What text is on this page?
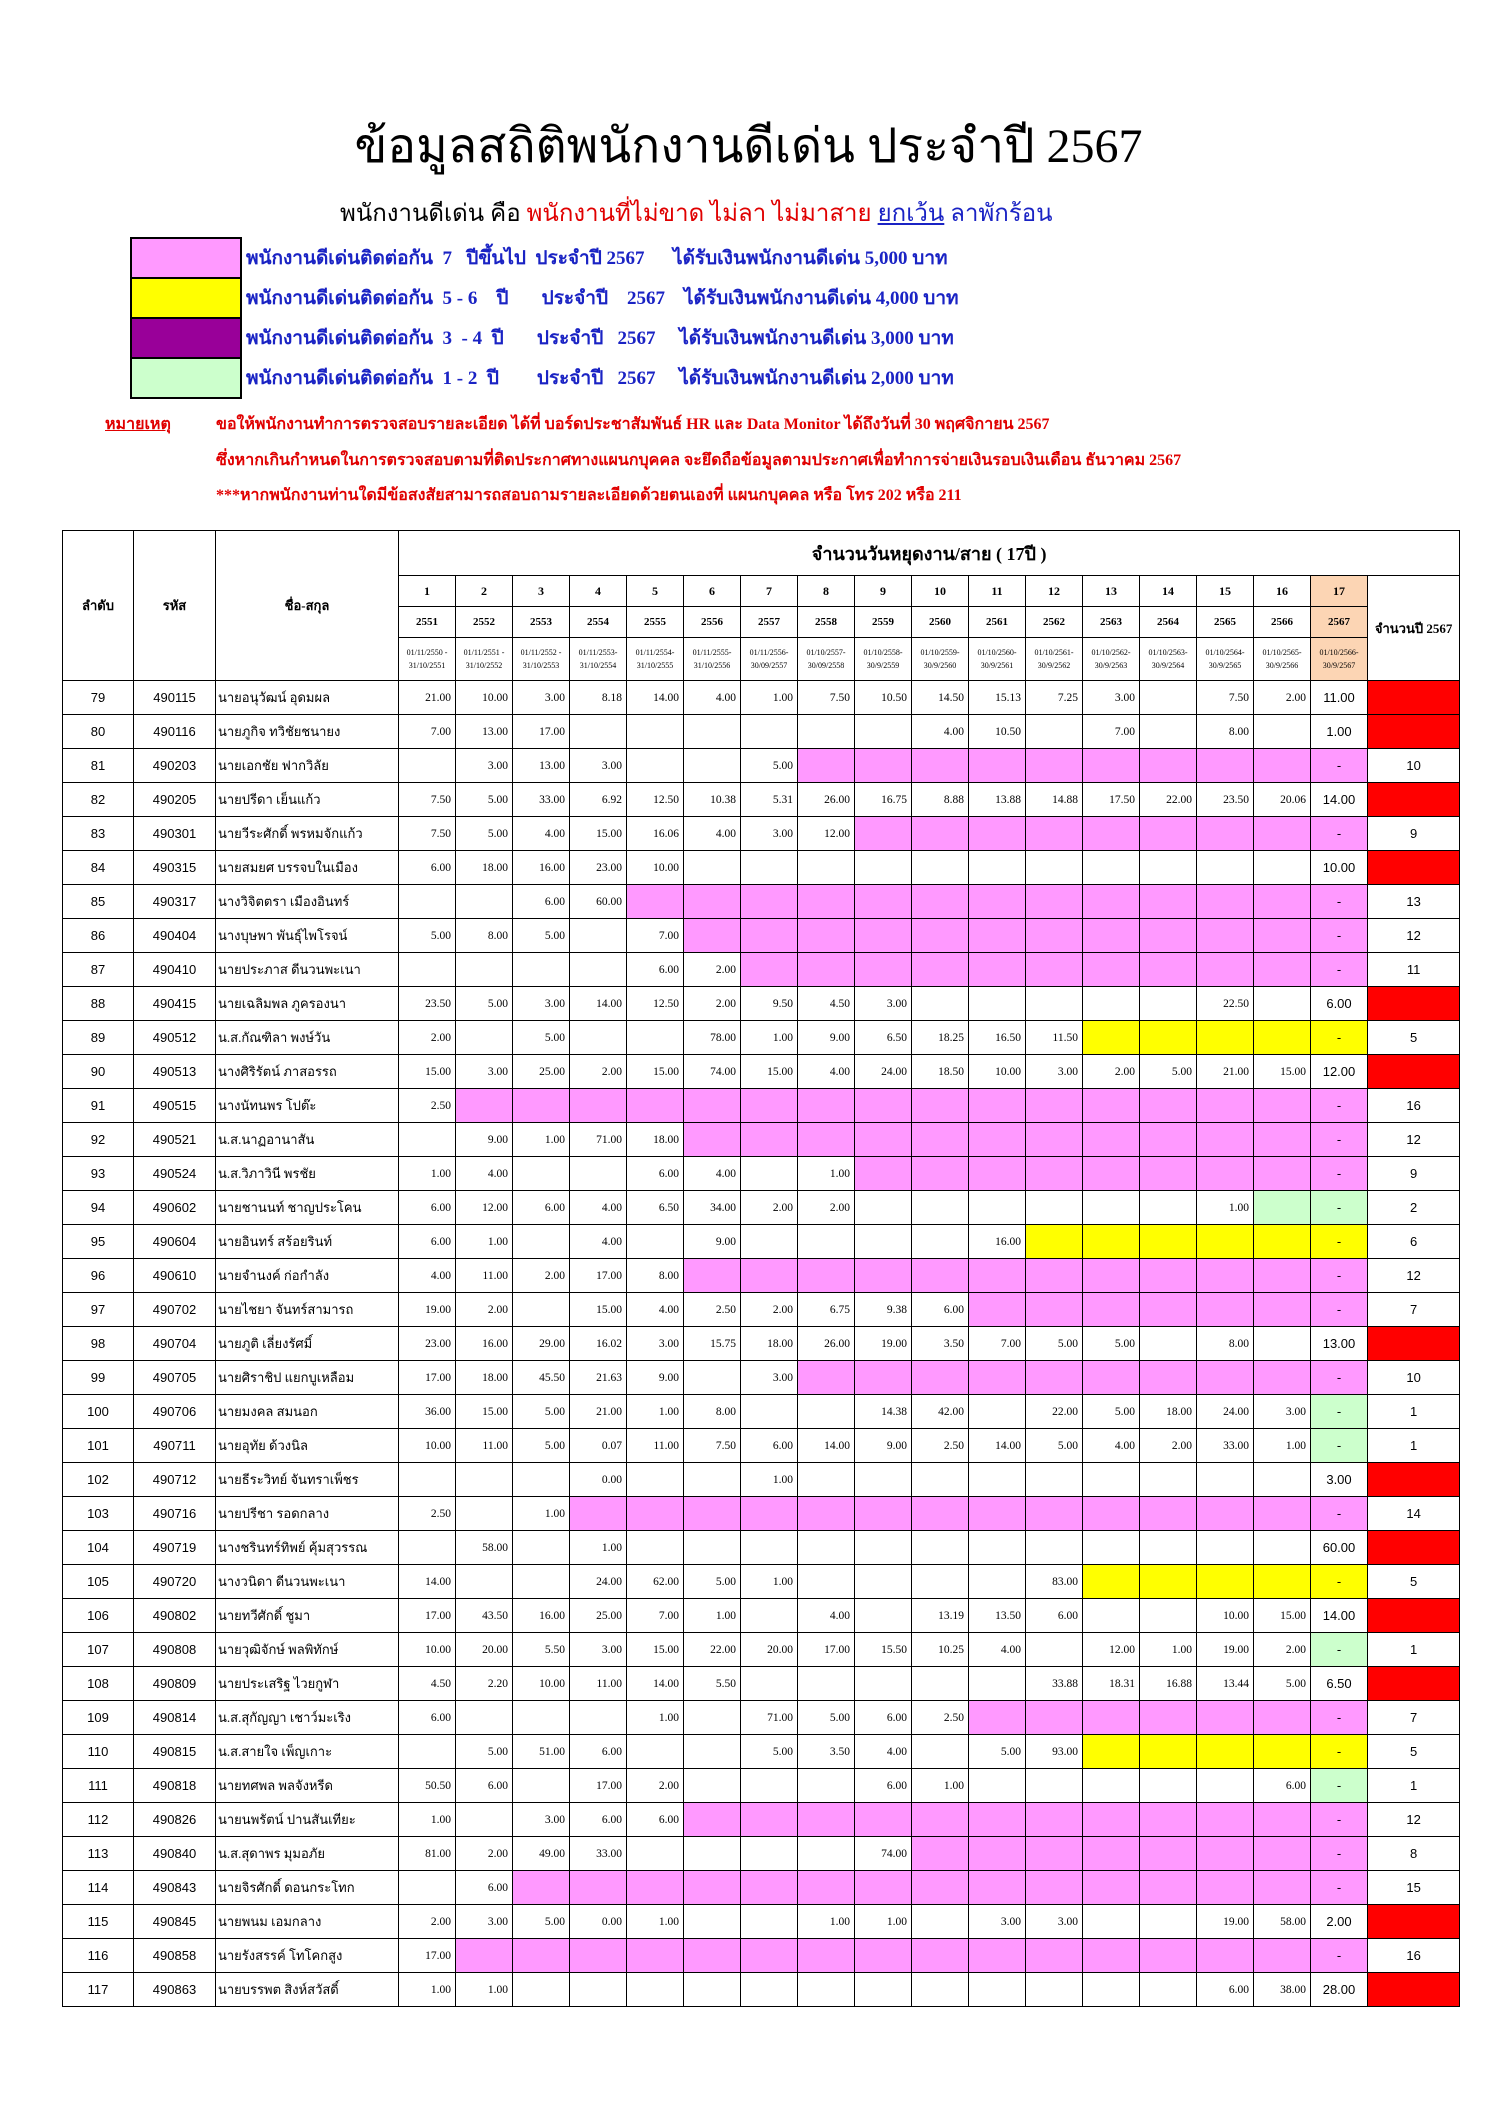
ข้อมูลสถิติพนักงานดีเด่น ประจำปี 2567
พนักงานดีเด่น คือ พนักงานที่ไม่ขาด ไม่ลา ไม่มาสาย ยกเว้น ลาพักร้อน
	พนักงานดีเด่นติดต่อกัน  7   ปีขึ้นไป  ประจำปี 2567      ได้รับเงินพนักงานดีเด่น 5,000 บาท
	พนักงานดีเด่นติดต่อกัน  5 - 6    ปี       ประจำปี    2567    ได้รับเงินพนักงานดีเด่น 4,000 บาท
	พนักงานดีเด่นติดต่อกัน  3  - 4  ปี       ประจำปี   2567     ได้รับเงินพนักงานดีเด่น 3,000 บาท
	พนักงานดีเด่นติดต่อกัน  1 - 2  ปี        ประจำปี   2567     ได้รับเงินพนักงานดีเด่น 2,000 บาท
หมายเหตุ	ขอให้พนักงานทำการตรวจสอบรายละเอียด ได้ที่ บอร์ดประชาสัมพันธ์ HR และ Data Monitor ได้ถึงวันที่ 30 พฤศจิกายน 2567
ซึ่งหากเกินกำหนดในการตรวจสอบตามที่ติดประกาศทางแผนกบุคคล จะยึดถือข้อมูลตามประกาศเพื่อทำการจ่ายเงินรอบเงินเดือน ธันวาคม 2567
***หากพนักงานท่านใดมีข้อสงสัยสามารถสอบถามรายละเอียดด้วยตนเองที่ แผนกบุคคล หรือ โทร 202 หรือ 211
ลำดับ	รหัส	ชื่อ-สกุล	จำนวนวันหยุดงาน/สาย ( 17ปี )																	
			1	2	3	4	5	6	7	8	9	10	11	12	13	14	15	16	17	จำนวนปี 2567
			2551	2552	2553	2554	2555	2556	2557	2558	2559	2560	2561	2562	2563	2564	2565	2566	2567	
			01/11/2550 - 31/10/2551	01/11/2551 - 31/10/2552	01/11/2552 - 31/10/2553	01/11/2553- 31/10/2554	01/11/2554- 31/10/2555	01/11/2555- 31/10/2556	01/11/2556- 30/09/2557	01/10/2557- 30/09/2558	01/10/2558- 30/9/2559	01/10/2559- 30/9/2560	01/10/2560- 30/9/2561	01/10/2561- 30/9/2562	01/10/2562- 30/9/2563	01/10/2563- 30/9/2564	01/10/2564- 30/9/2565	01/10/2565- 30/9/2566	01/10/2566- 30/9/2567	
79	490115	นายอนุวัฒน์ อุดมผล	21.00	10.00	3.00	8.18	14.00	4.00	1.00	7.50	10.50	14.50	15.13	7.25	3.00		7.50	2.00	11.00	
80	490116	นายภูกิจ ทวิชัยชนายง	7.00	13.00	17.00							4.00	10.50		7.00		8.00		1.00	
81	490203	นายเอกชัย ฟากวิลัย		3.00	13.00	3.00			5.00										-	10
82	490205	นายปรีดา เย็นแก้ว	7.50	5.00	33.00	6.92	12.50	10.38	5.31	26.00	16.75	8.88	13.88	14.88	17.50	22.00	23.50	20.06	14.00	
83	490301	นายวีระศักดิ์ พรหมจักแก้ว	7.50	5.00	4.00	15.00	16.06	4.00	3.00	12.00									-	9
84	490315	นายสมยศ บรรจบในเมือง	6.00	18.00	16.00	23.00	10.00												10.00	
85	490317	นางวิจิตตรา เมืองอินทร์			6.00	60.00													-	13
86	490404	นางบุษพา พันธุ์ไพโรจน์	5.00	8.00	5.00		7.00												-	12
87	490410	นายประภาส ดีนวนพะเนา					6.00	2.00											-	11
88	490415	นายเฉลิมพล ภูครองนา	23.50	5.00	3.00	14.00	12.50	2.00	9.50	4.50	3.00						22.50		6.00	
89	490512	น.ส.กัณฑิลา พงษ์วัน	2.00		5.00			78.00	1.00	9.00	6.50	18.25	16.50	11.50					-	5
90	490513	นางศิริรัตน์ ภาสอรรถ	15.00	3.00	25.00	2.00	15.00	74.00	15.00	4.00	24.00	18.50	10.00	3.00	2.00	5.00	21.00	15.00	12.00	
91	490515	นางนัทนพร โปต๊ะ	2.50																-	16
92	490521	น.ส.นาฏอานาสัน		9.00	1.00	71.00	18.00												-	12
93	490524	น.ส.วิภาวินี พรชัย	1.00	4.00			6.00	4.00		1.00									-	9
94	490602	นายชานนท์ ชาญประโคน	6.00	12.00	6.00	4.00	6.50	34.00	2.00	2.00							1.00		-	2
95	490604	นายอินทร์ สร้อยรินท์	6.00	1.00		4.00		9.00					16.00						-	6
96	490610	นายจำนงค์ ก่อกำลัง	4.00	11.00	2.00	17.00	8.00												-	12
97	490702	นายไชยา จันทร์สามารถ	19.00	2.00		15.00	4.00	2.50	2.00	6.75	9.38	6.00							-	7
98	490704	นายภูติ เลี่ยงรัศมิ์	23.00	16.00	29.00	16.02	3.00	15.75	18.00	26.00	19.00	3.50	7.00	5.00	5.00		8.00		13.00	
99	490705	นายศิราชิป แยกบูเหลือม	17.00	18.00	45.50	21.63	9.00		3.00										-	10
100	490706	นายมงคล สมนอก	36.00	15.00	5.00	21.00	1.00	8.00			14.38	42.00		22.00	5.00	18.00	24.00	3.00	-	1
101	490711	นายอุทัย ด้วงนิล	10.00	11.00	5.00	0.07	11.00	7.50	6.00	14.00	9.00	2.50	14.00	5.00	4.00	2.00	33.00	1.00	-	1
102	490712	นายธีระวิทย์ จันทราเพ็ชร				0.00			1.00										3.00	
103	490716	นายปรีชา รอดกลาง	2.50		1.00														-	14
104	490719	นางชรินทร์ทิพย์ คุ้มสุวรรณ		58.00		1.00													60.00	
105	490720	นางวนิดา ดีนวนพะเนา	14.00			24.00	62.00	5.00	1.00					83.00					-	5
106	490802	นายทวีศักดิ์ ชูมา	17.00	43.50	16.00	25.00	7.00	1.00		4.00		13.19	13.50	6.00			10.00	15.00	14.00	
107	490808	นายวุฒิจักษ์ พลพิทักษ์	10.00	20.00	5.50	3.00	15.00	22.00	20.00	17.00	15.50	10.25	4.00		12.00	1.00	19.00	2.00	-	1
108	490809	นายประเสริฐ ไวยกูฬา	4.50	2.20	10.00	11.00	14.00	5.50						33.88	18.31	16.88	13.44	5.00	6.50	
109	490814	น.ส.สุกัญญา เชาว์มะเริง	6.00				1.00		71.00	5.00	6.00	2.50							-	7
110	490815	น.ส.สายใจ เพ็ญเกาะ		5.00	51.00	6.00			5.00	3.50	4.00		5.00	93.00					-	5
111	490818	นายทศพล พลจังหรีด	50.50	6.00		17.00	2.00				6.00	1.00						6.00	-	1
112	490826	นายนพรัตน์ ปานสันเทียะ	1.00		3.00	6.00	6.00												-	12
113	490840	น.ส.สุดาพร มุมอภัย	81.00	2.00	49.00	33.00					74.00								-	8
114	490843	นายจิรศักดิ์ ดอนกระโทก		6.00															-	15
115	490845	นายพนม เอมกลาง	2.00	3.00	5.00	0.00	1.00			1.00	1.00		3.00	3.00			19.00	58.00	2.00	
116	490858	นายรังสรรค์ โทโคกสูง	17.00																-	16
117	490863	นายบรรพต สิงห์สวัสดิ์	1.00	1.00													6.00	38.00	28.00	
